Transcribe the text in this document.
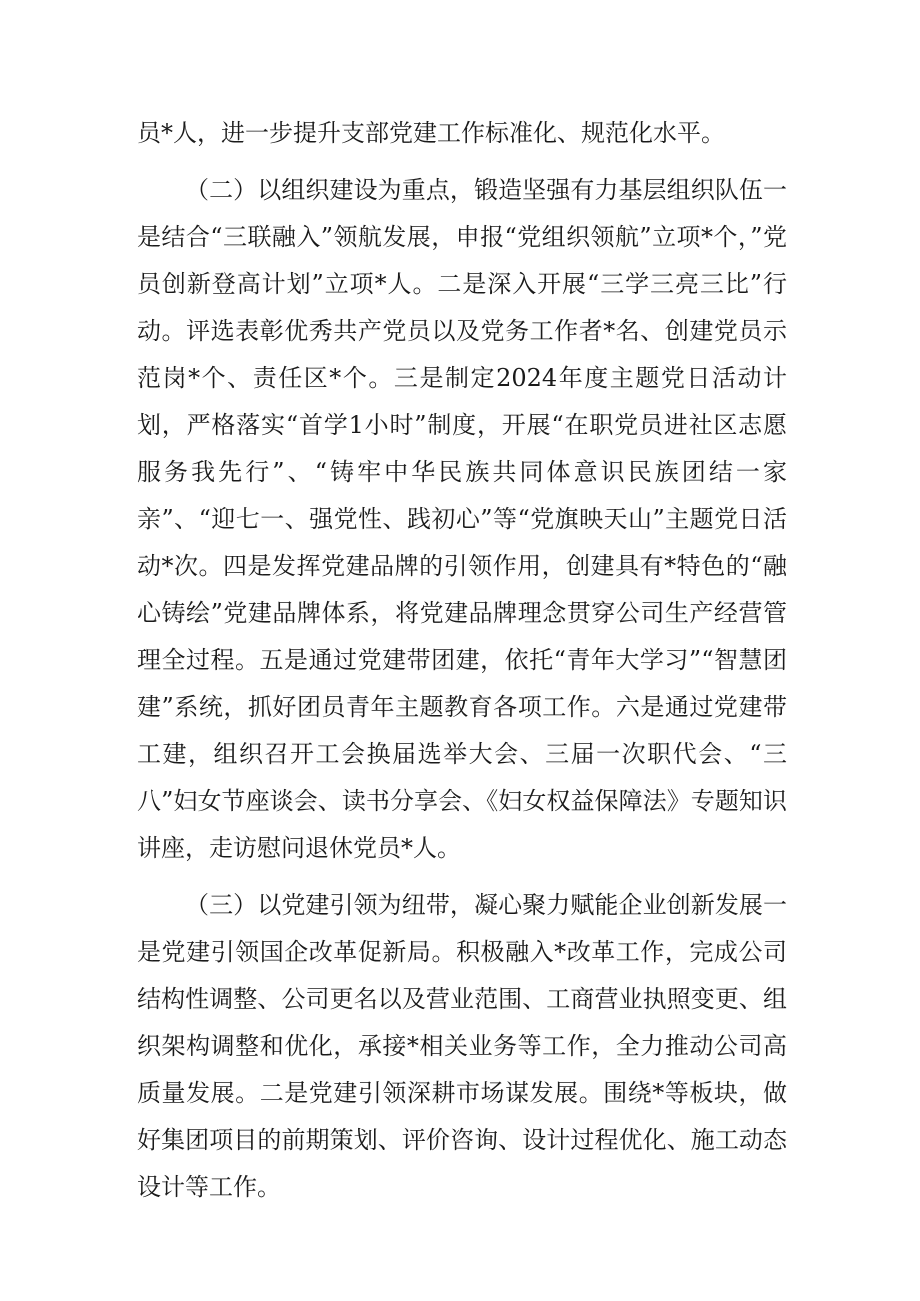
员*人，进一步提升支部党建工作标准化、规范化水平。

（二）以组织建设为重点，锻造坚强有力基层组织队伍一是结合“三联融入”领航发展，申报“党组织领航”立项*个，”党员创新登高计划”立项*人。二是深入开展“三学三亮三比”行动。评选表彰优秀共产党员以及党务工作者*名、创建党员示范岗*个、责任区*个。三是制定2024年度主题党日活动计划，严格落实“首学1小时”制度，开展“在职党员进社区志愿服务我先行”、“铸牢中华民族共同体意识民族团结一家亲”、“迎七一、强党性、践初心”等“党旗映天山”主题党日活动*次。四是发挥党建品牌的引领作用，创建具有*特色的“融心铸绘”党建品牌体系，将党建品牌理念贯穿公司生产经营管理全过程。五是通过党建带团建，依托“青年大学习”“智慧团建”系统，抓好团员青年主题教育各项工作。六是通过党建带工建，组织召开工会换届选举大会、三届一次职代会、“三八”妇女节座谈会、读书分享会、《妇女权益保障法》专题知识讲座，走访慰问退休党员*人。

（三）以党建引领为纽带，凝心聚力赋能企业创新发展一是党建引领国企改革促新局。积极融入*改革工作，完成公司结构性调整、公司更名以及营业范围、工商营业执照变更、组织架构调整和优化，承接*相关业务等工作，全力推动公司高质量发展。二是党建引领深耕市场谋发展。围绕*等板块，做好集团项目的前期策划、评价咨询、设计过程优化、施工动态设计等工作。
